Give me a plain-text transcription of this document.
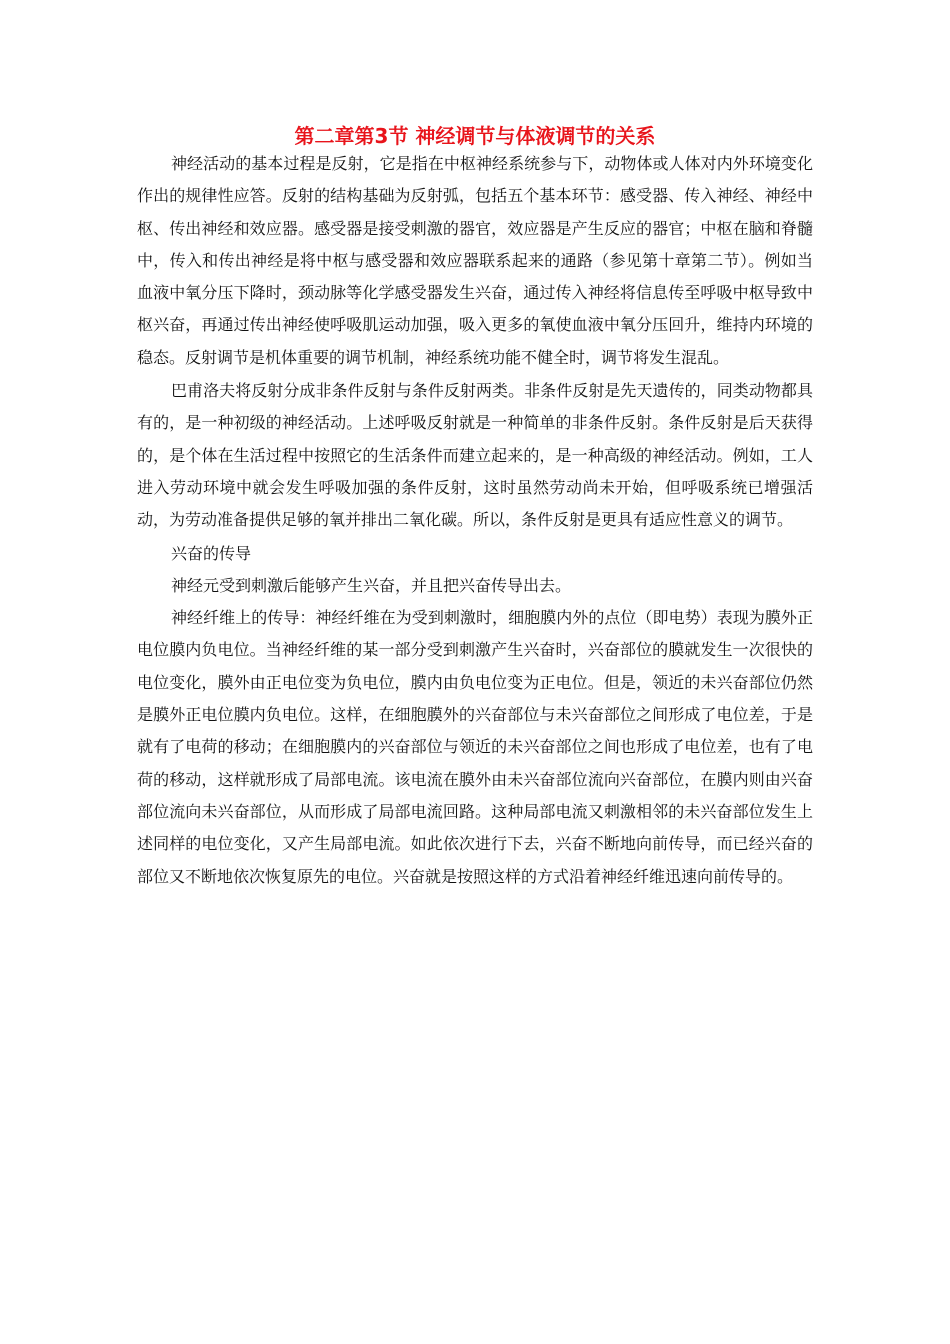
第二章第3节 神经调节与体液调节的关系

神经活动的基本过程是反射，它是指在中枢神经系统参与下，动物体或人体对内外环境变化作出的规律性应答。反射的结构基础为反射弧，包括五个基本环节：感受器、传入神经、神经中枢、传出神经和效应器。感受器是接受刺激的器官，效应器是产生反应的器官；中枢在脑和脊髓中，传入和传出神经是将中枢与感受器和效应器联系起来的通路（参见第十章第二节）。例如当血液中氧分压下降时，颈动脉等化学感受器发生兴奋，通过传入神经将信息传至呼吸中枢导致中枢兴奋，再通过传出神经使呼吸肌运动加强，吸入更多的氧使血液中氧分压回升，维持内环境的稳态。反射调节是机体重要的调节机制，神经系统功能不健全时，调节将发生混乱。

巴甫洛夫将反射分成非条件反射与条件反射两类。非条件反射是先天遗传的，同类动物都具有的，是一种初级的神经活动。上述呼吸反射就是一种简单的非条件反射。条件反射是后天获得的，是个体在生活过程中按照它的生活条件而建立起来的，是一种高级的神经活动。例如，工人进入劳动环境中就会发生呼吸加强的条件反射，这时虽然劳动尚未开始，但呼吸系统已增强活动，为劳动准备提供足够的氧并排出二氧化碳。所以，条件反射是更具有适应性意义的调节。

兴奋的传导

神经元受到刺激后能够产生兴奋，并且把兴奋传导出去。

神经纤维上的传导：神经纤维在为受到刺激时，细胞膜内外的点位（即电势）表现为膜外正电位膜内负电位。当神经纤维的某一部分受到刺激产生兴奋时，兴奋部位的膜就发生一次很快的电位变化，膜外由正电位变为负电位，膜内由负电位变为正电位。但是，领近的未兴奋部位仍然是膜外正电位膜内负电位。这样，在细胞膜外的兴奋部位与未兴奋部位之间形成了电位差，于是就有了电荷的移动；在细胞膜内的兴奋部位与领近的未兴奋部位之间也形成了电位差，也有了电荷的移动，这样就形成了局部电流。该电流在膜外由未兴奋部位流向兴奋部位，在膜内则由兴奋部位流向未兴奋部位，从而形成了局部电流回路。这种局部电流又刺激相邻的未兴奋部位发生上述同样的电位变化，又产生局部电流。如此依次进行下去，兴奋不断地向前传导，而已经兴奋的部位又不断地依次恢复原先的电位。兴奋就是按照这样的方式沿着神经纤维迅速向前传导的。
